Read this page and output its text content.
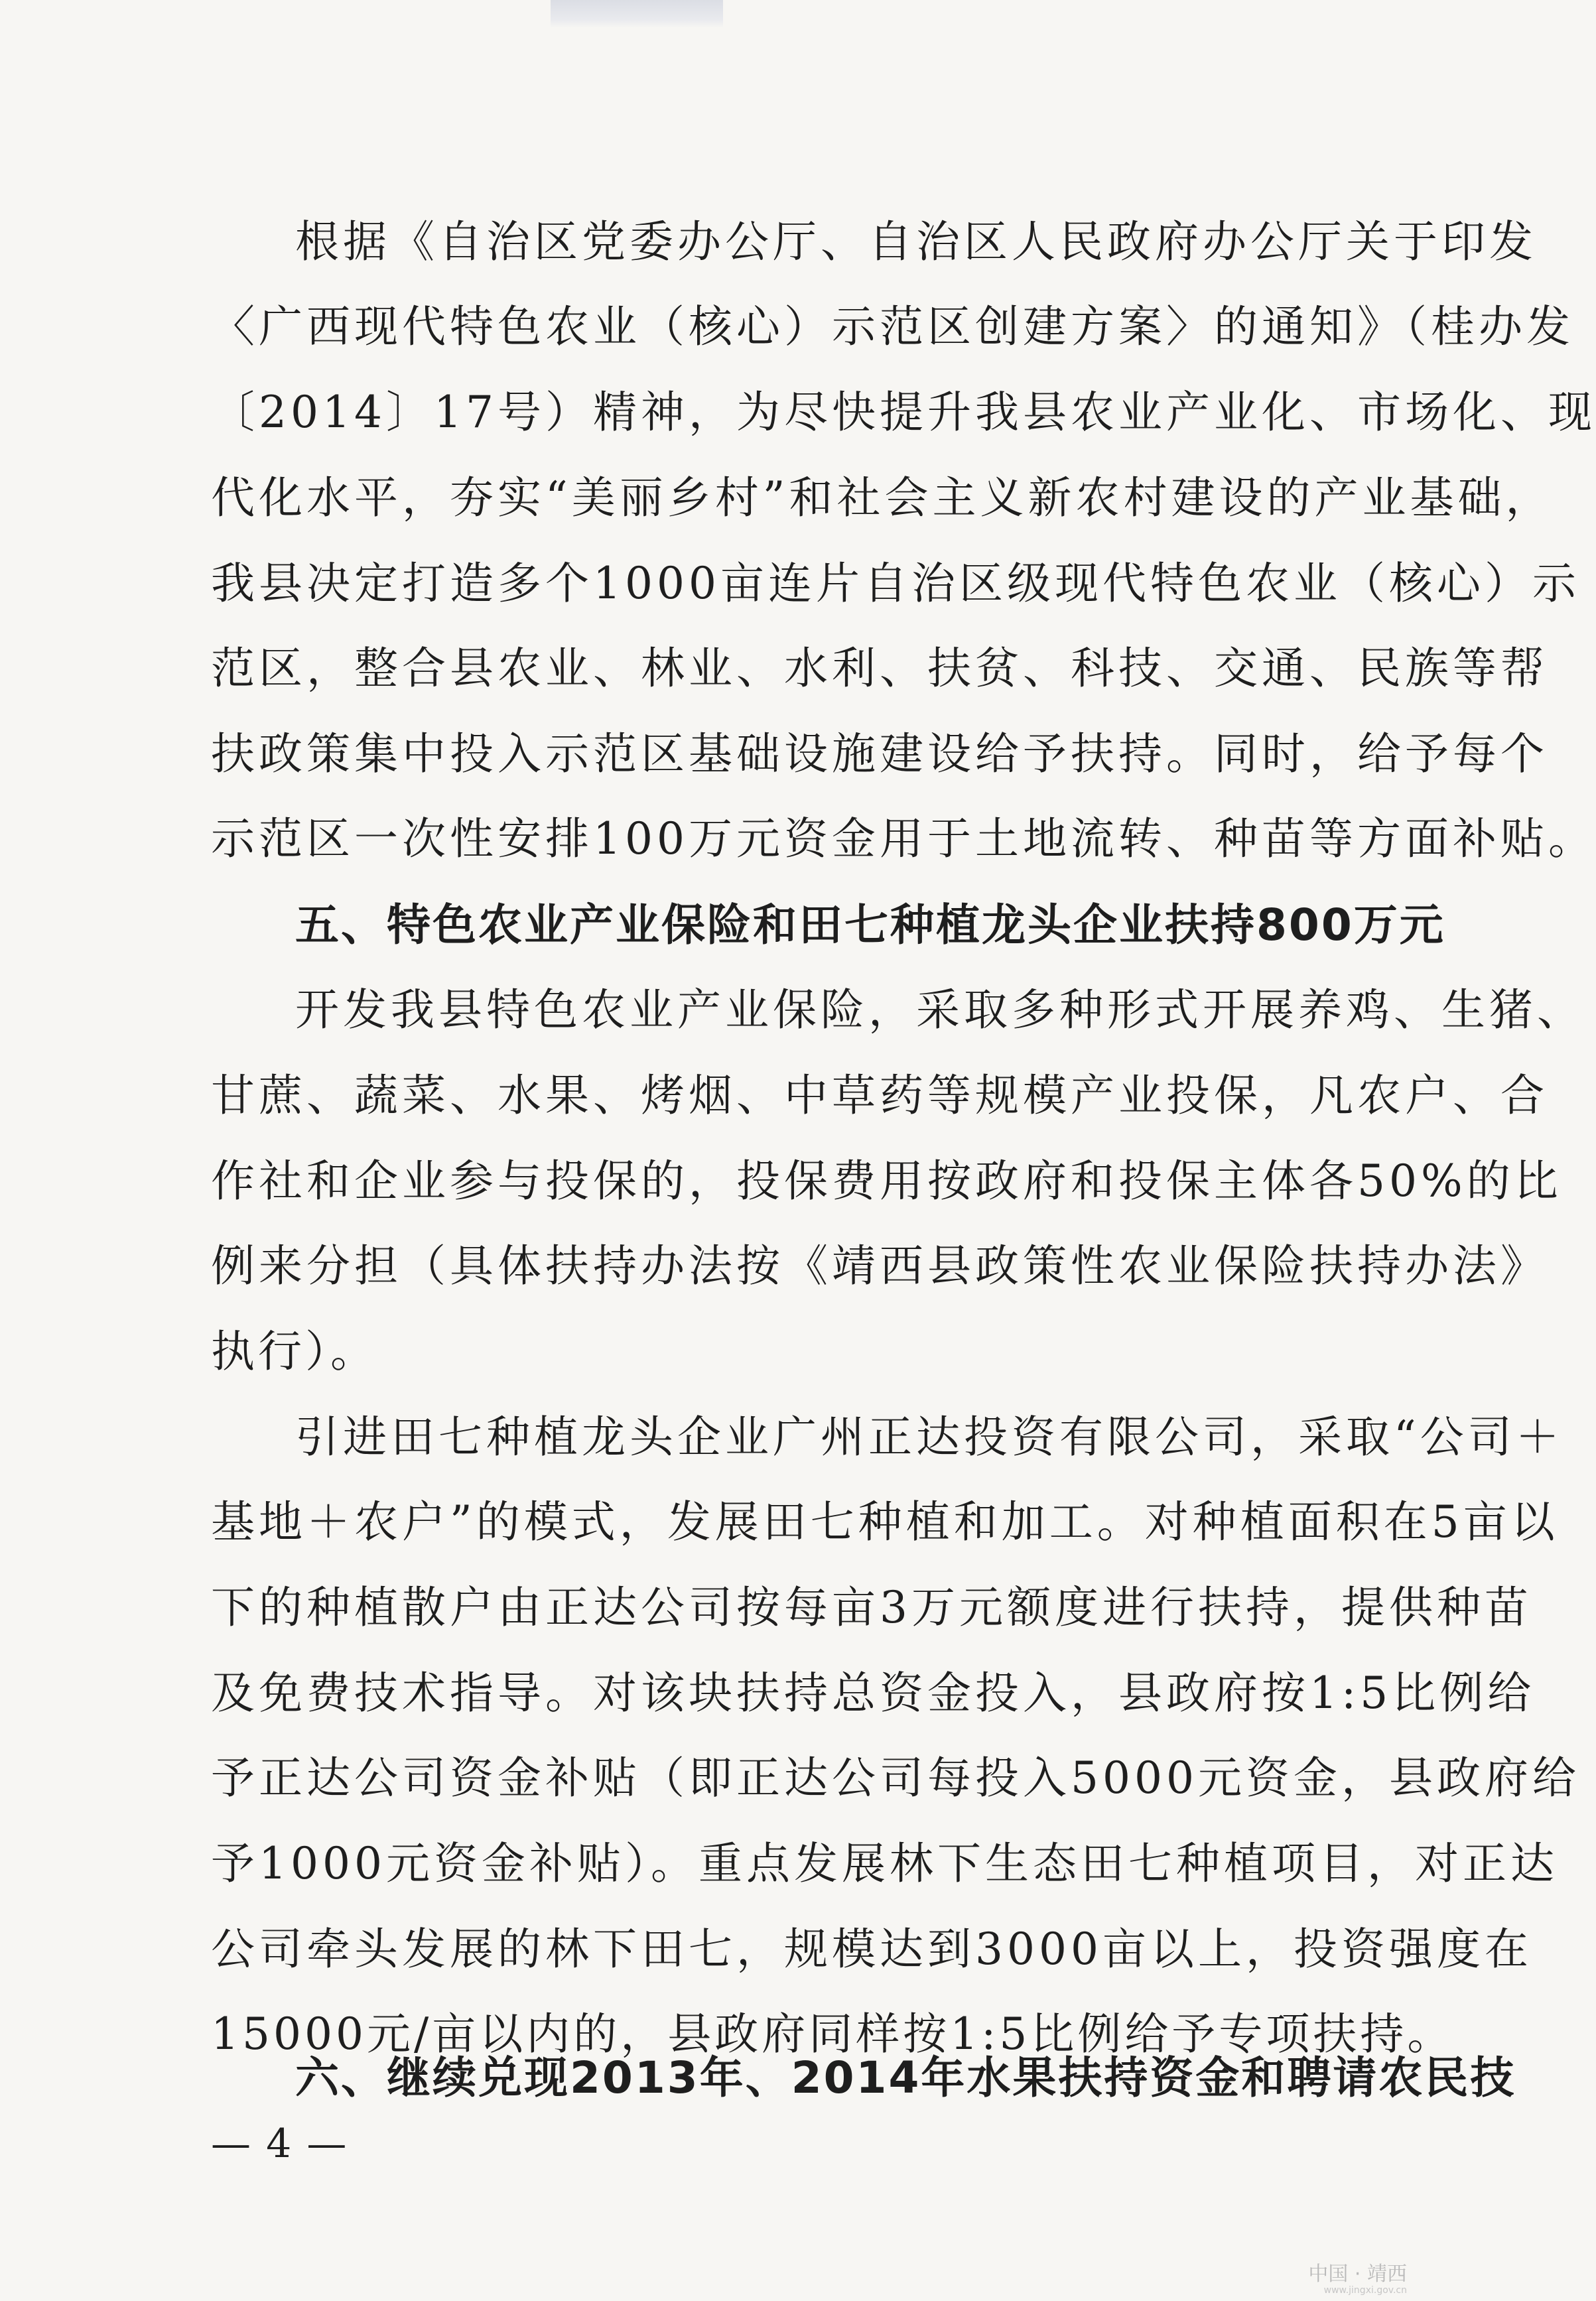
根据《自治区党委办公厅、自治区人民政府办公厅关于印发

〈广西现代特色农业（核心）示范区创建方案〉的通知》（桂办发

〔2014〕17号）精神，为尽快提升我县农业产业化、市场化、现

代化水平，夯实“美丽乡村”和社会主义新农村建设的产业基础，

我县决定打造多个1000亩连片自治区级现代特色农业（核心）示

范区，整合县农业、林业、水利、扶贫、科技、交通、民族等帮

扶政策集中投入示范区基础设施建设给予扶持。同时，给予每个

示范区一次性安排100万元资金用于土地流转、种苗等方面补贴。

五、特色农业产业保险和田七种植龙头企业扶持800万元

开发我县特色农业产业保险，采取多种形式开展养鸡、生猪、

甘蔗、蔬菜、水果、烤烟、中草药等规模产业投保，凡农户、合

作社和企业参与投保的，投保费用按政府和投保主体各50%的比

例来分担（具体扶持办法按《靖西县政策性农业保险扶持办法》

执行）。

引进田七种植龙头企业广州正达投资有限公司，采取“公司＋

基地＋农户”的模式，发展田七种植和加工。对种植面积在5亩以

下的种植散户由正达公司按每亩3万元额度进行扶持，提供种苗

及免费技术指导。对该块扶持总资金投入，县政府按1:5比例给

予正达公司资金补贴（即正达公司每投入5000元资金，县政府给

予1000元资金补贴）。重点发展林下生态田七种植项目，对正达

公司牵头发展的林下田七，规模达到3000亩以上，投资强度在

15000元/亩以内的，县政府同样按1:5比例给予专项扶持。

六、继续兑现2013年、2014年水果扶持资金和聘请农民技

— 4 —
中国 · 靖西
www.jingxi.gov.cn
